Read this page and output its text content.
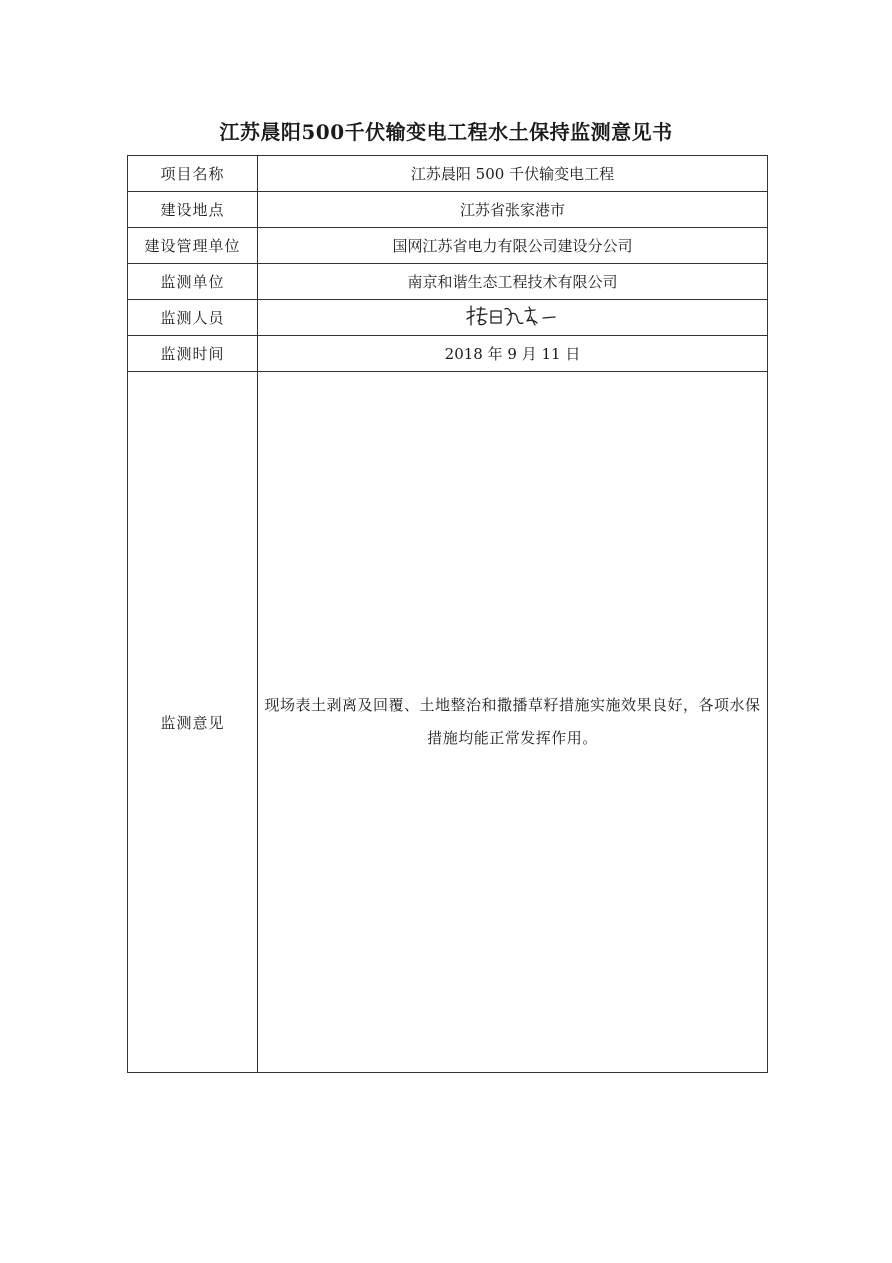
江苏晨阳500千伏输变电工程水土保持监测意见书
项目名称	江苏晨阳 500 千伏输变电工程
建设地点	江苏省张家港市
建设管理单位	国网江苏省电力有限公司建设分公司
监测单位	南京和谐生态工程技术有限公司
监测人员	
监测时间	2018 年 9 月 11 日
监测意见	现场表土剥离及回覆、土地整治和撒播草籽措施实施效果良好，各项水保措施均能正常发挥作用。
